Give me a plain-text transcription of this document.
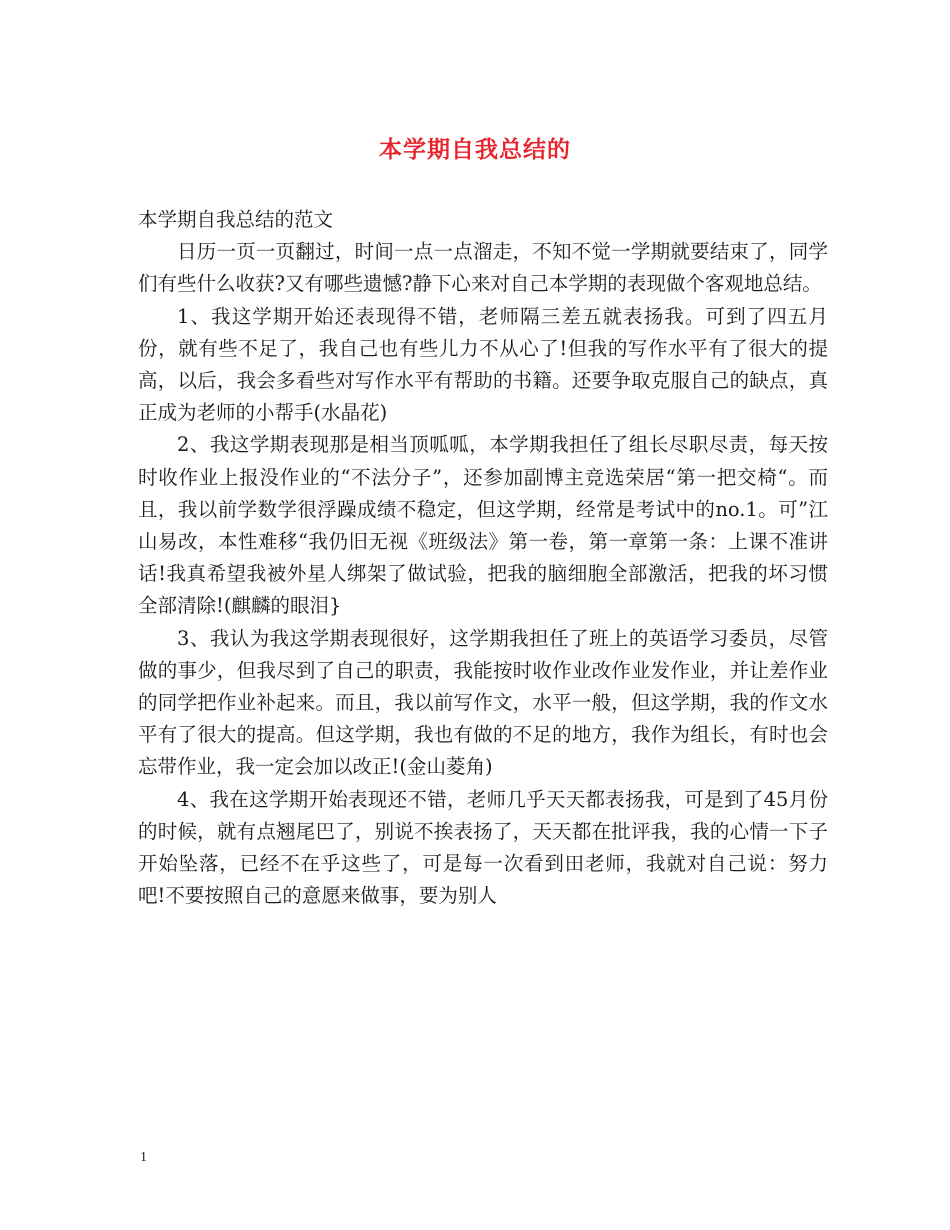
本学期自我总结的

本学期自我总结的范文

日历一页一页翻过，时间一点一点溜走，不知不觉一学期就要结束了，同学们有些什么收获?又有哪些遗憾?静下心来对自己本学期的表现做个客观地总结。

1、我这学期开始还表现得不错，老师隔三差五就表扬我。可到了四五月份，就有些不足了，我自己也有些儿力不从心了!但我的写作水平有了很大的提高，以后，我会多看些对写作水平有帮助的书籍。还要争取克服自己的缺点，真正成为老师的小帮手(水晶花)

2、我这学期表现那是相当顶呱呱，本学期我担任了组长尽职尽责，每天按时收作业上报没作业的“不法分子”，还参加副博主竞选荣居“第一把交椅“。而且，我以前学数学很浮躁成绩不稳定，但这学期，经常是考试中的no.1。可”江山易改，本性难移“我仍旧无视《班级法》第一卷，第一章第一条：上课不准讲话!我真希望我被外星人绑架了做试验，把我的脑细胞全部激活，把我的坏习惯全部清除!(麒麟的眼泪}

3、我认为我这学期表现很好，这学期我担任了班上的英语学习委员，尽管做的事少，但我尽到了自己的职责，我能按时收作业改作业发作业，并让差作业的同学把作业补起来。而且，我以前写作文，水平一般，但这学期，我的作文水平有了很大的提高。但这学期，我也有做的不足的地方，我作为组长，有时也会忘带作业，我一定会加以改正!(金山菱角)

4、我在这学期开始表现还不错，老师几乎天天都表扬我，可是到了45月份的时候，就有点翘尾巴了，别说不挨表扬了，天天都在批评我，我的心情一下子开始坠落，已经不在乎这些了，可是每一次看到田老师，我就对自己说：努力吧!不要按照自己的意愿来做事，要为别人

1
